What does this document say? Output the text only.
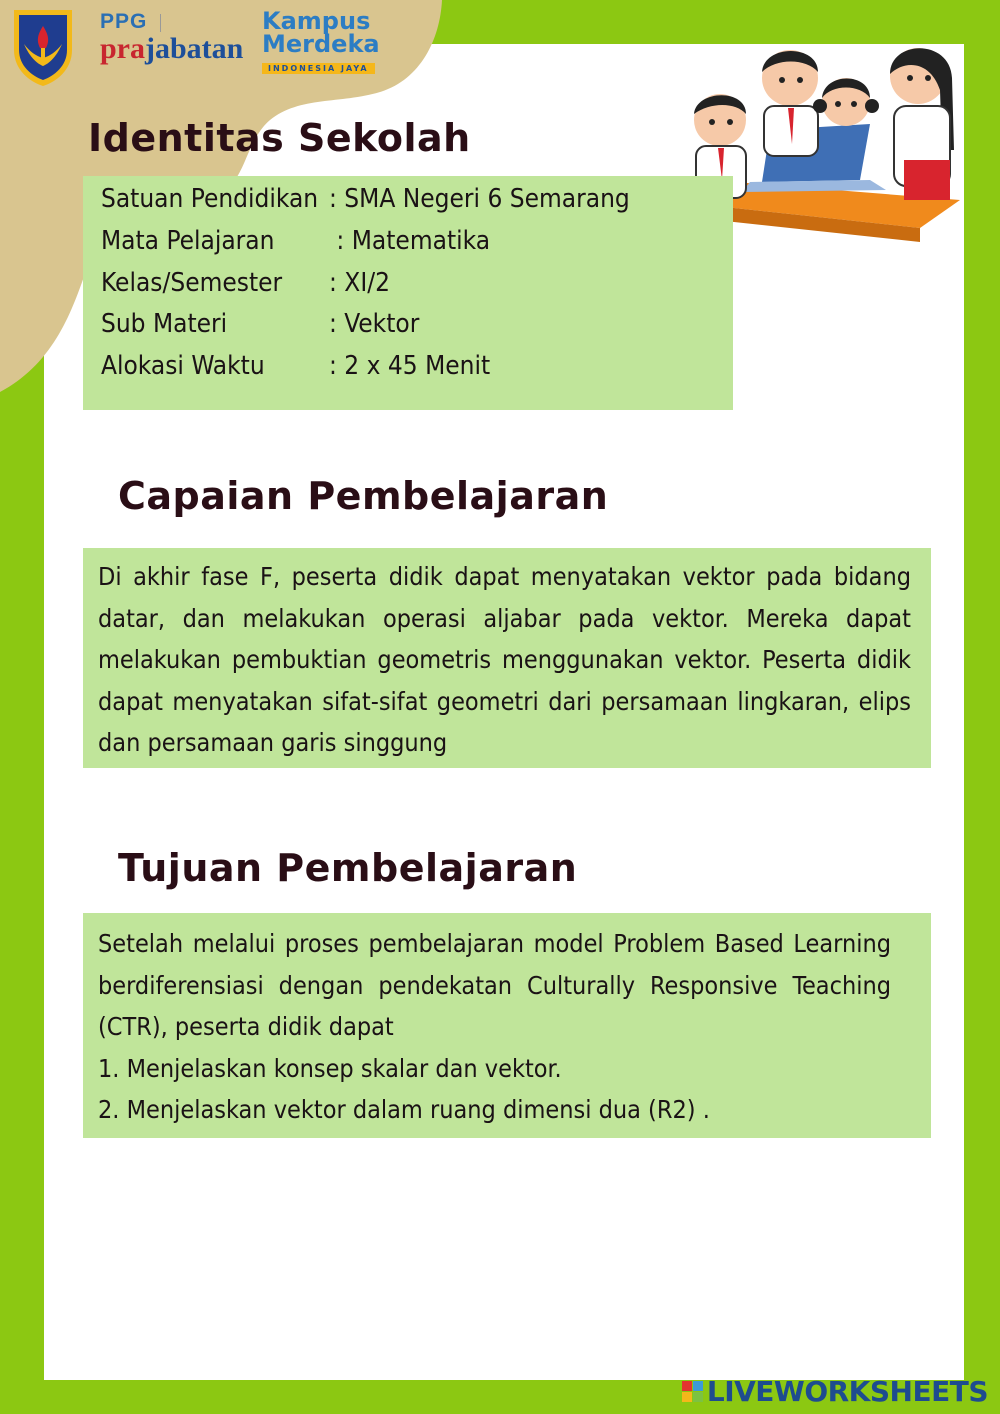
PPG
prajabatan

Kampus
Merdeka
INDONESIA JAYA
Identitas Sekolah
Satuan Pendidikan : SMA Negeri 6 Semarang
Mata Pelajaran : Matematika
Kelas/Semester : XI/2
Sub Materi	: Vektor
Alokasi Waktu : 2 x 45 Menit
Capaian Pembelajaran

Di akhir fase F, peserta didik dapat menyatakan vektor pada bidang datar, dan melakukan operasi aljabar pada vektor. Mereka dapat melakukan pembuktian geometris menggunakan vektor. Peserta didik dapat menyatakan sifat-sifat geometri dari persamaan lingkaran, elips dan persamaan garis singgung

Tujuan Pembelajaran

Setelah melalui proses pembelajaran model Problem Based Learning berdiferensiasi dengan pendekatan Culturally Responsive Teaching (CTR), peserta didik dapat

1. Menjelaskan konsep skalar dan vektor.

2. Menjelaskan vektor dalam ruang dimensi dua (R2) .

LIVEWORKSHEETS
